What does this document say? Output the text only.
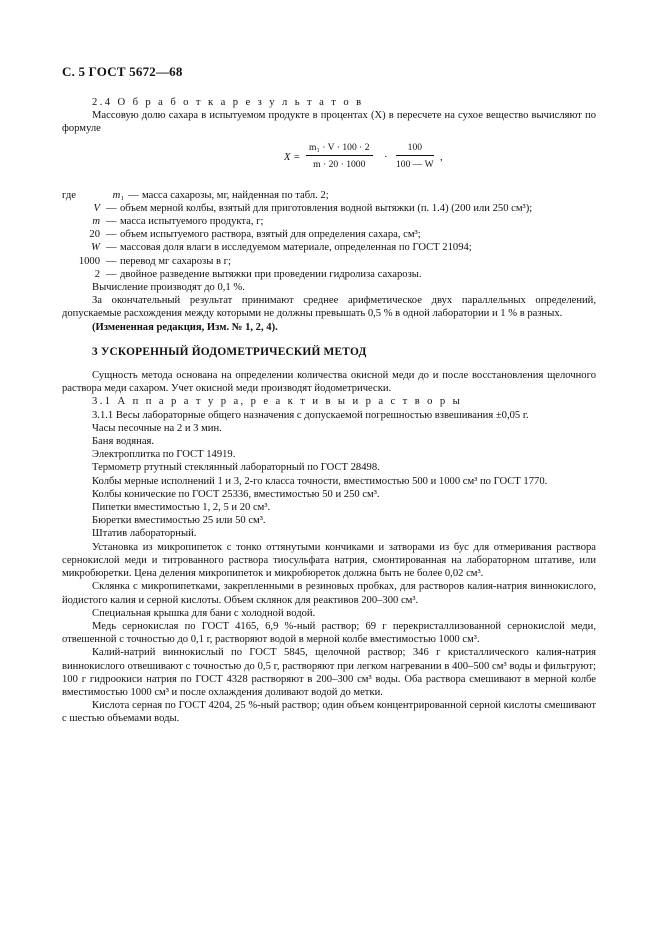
С. 5 ГОСТ 5672—68

2.4 О б р а б о т к а р е з у л ь т а т о в

Массовую долю сахара в испытуемом продукте в процентах (X) в пересчете на сухое вещество вычисляют по формуле

$X = \frac{\text{m₁ · V · 100 · 2}}{m \cdot 20 \cdot 1000} \cdot \frac{100}{100 — W}$ ,
где	m₁ — масса сахарозы, мг, найденная по табл. 2;
V — объем мерной колбы, взятый для приготовления водной вытяжки (п. 1.4) (200 или 250 см³);
m — масса испытуемого продукта, г;
20 — объем испытуемого раствора, взятый для определения сахара, см³;
W — массовая доля влаги в исследуемом материале, определенная по ГОСТ 21094;
1000 — перевод мг сахарозы в г;
2 — двойное разведение вытяжки при проведении гидролиза сахарозы.

Вычисление производят до 0,1 %.

За окончательный результат принимают среднее арифметическое двух параллельных определений, допускаемые расхождения между которыми не должны превышать 0,5 % в одной лаборатории и 1 % в разных.

(Измененная редакция, Изм. № 1, 2, 4).

3 УСКОРЕННЫЙ ЙОДОМЕТРИЧЕСКИЙ МЕТОД

Сущность метода основана на определении количества окисной меди до и после восстановления щелочного раствора меди сахаром. Учет окисной меди производят йодометрически.

3.1 А п п а р а т у р а, р е а к т и в ы и р а с т в о р ы

3.1.1 Весы лабораторные общего назначения с допускаемой погрешностью взвешивания ±0,05 г.

Часы песочные на 2 и 3 мин.

Баня водяная.

Электроплитка по ГОСТ 14919.

Термометр ртутный стеклянный лабораторный по ГОСТ 28498.

Колбы мерные исполнений 1 и 3, 2-го класса точности, вместимостью 500 и 1000 см³ по ГОСТ 1770.

Колбы конические по ГОСТ 25336, вместимостью 50 и 250 см³.

Пипетки вместимостью 1, 2, 5 и 20 см³.

Бюретки вместимостью 25 или 50 см³.

Штатив лабораторный.

Установка из микропипеток с тонко оттянутыми кончиками и затворами из бус для отмеривания раствора сернокислой меди и титрованного раствора тиосульфата натрия, смонтированная на лабораторном штативе, или микробюретки. Цена деления микропипеток и микробюреток должна быть не более 0,02 см³.

Склянка с микропипетками, закрепленными в резиновых пробках, для растворов калия-натрия виннокислого, йодистого калия и серной кислоты. Объем склянок для реактивов 200–300 см³.

Специальная крышка для бани с холодной водой.

Медь сернокислая по ГОСТ 4165, 6,9 %-ный раствор; 69 г перекристаллизованной сернокислой меди, отвешенной с точностью до 0,1 г, растворяют водой в мерной колбе вместимостью 1000 см³.

Калий-натрий виннокислый по ГОСТ 5845, щелочной раствор; 346 г кристаллического калия-натрия виннокислого отвешивают с точностью до 0,5 г, растворяют при легком нагревании в 400–500 см³ воды и фильтруют; 100 г гидроокиси натрия по ГОСТ 4328 растворяют в 200–300 см³ воды. Оба раствора смешивают в мерной колбе вместимостью 1000 см³ и после охлаждения доливают водой до метки.

Кислота серная по ГОСТ 4204, 25 %-ный раствор; один объем концентрированной серной кислоты смешивают с шестью объемами воды.
